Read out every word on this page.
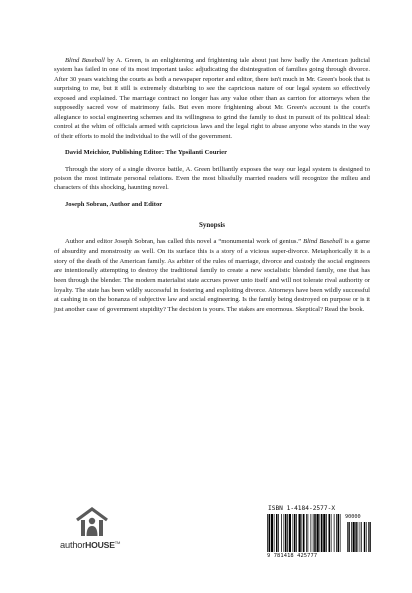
Blind Baseball by A. Green, is an enlightening and frightening tale about just how badly the American judicial system has failed in one of its most important tasks: adjudicating the disintegration of families going through divorce. After 30 years watching the courts as both a newspaper reporter and editor, there isn't much in Mr. Green's book that is surprising to me, but it still is extremely disturbing to see the capricious nature of our legal system so effectively exposed and explained. The marriage contract no longer has any value other than as carrion for attorneys when the supposedly sacred vow of matrimony fails. But even more frightening about Mr. Green's account is the court's allegiance to social engineering schemes and its willingness to grind the family to dust in pursuit of its political ideal: control at the whim of officials armed with capricious laws and the legal right to abuse anyone who stands in the way of their efforts to mold the individual to the will of the government.

David Meichior, Publishing Editor: The Ypsilanti Courier

Through the story of a single divorce battle, A. Green brilliantly exposes the way our legal system is designed to poison the most intimate personal relations. Even the most blissfully married readers will recognize the milieu and characters of this shocking, haunting novel.

Joseph Sobran, Author and Editor
Synopsis

Author and editor Joseph Sobran, has called this novel a “monumental work of genius.” Blind Baseball is a game of absurdity and monstrosity as well. On its surface this is a story of a vicious super-divorce. Metaphorically it is a story of the death of the American family. As arbiter of the rules of marriage, divorce and custody the social engineers are intentionally attempting to destroy the traditional family to create a new socialistic blended family, one that has been through the blender. The modern materialist state accrues power unto itself and will not tolerate rival authority or loyalty. The state has been wildly successful in fostering and exploiting divorce. Attorneys have been wildly successful at cashing in on the bonanza of subjective law and social engineering. Is the family being destroyed on purpose or is it just another case of government stupidity? The decision is yours. The stakes are enormous. Skeptical? Read the book.

authorHOUSE™
ISBN 1-4184-2577-X
90000
9 781418 425777
